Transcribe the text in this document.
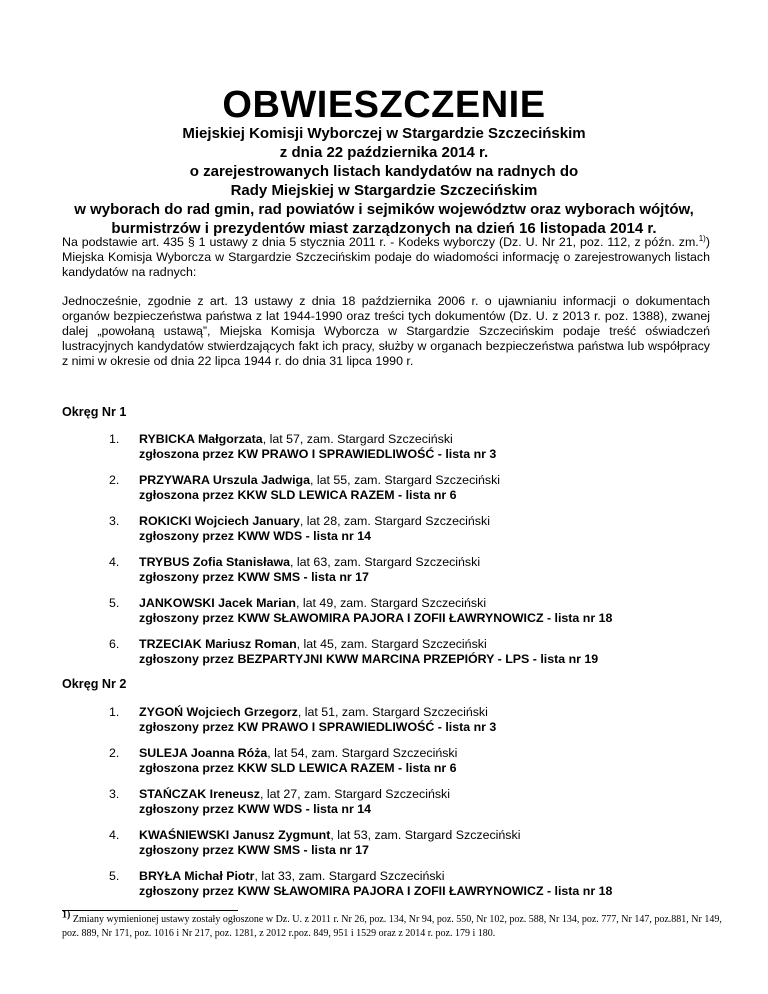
OBWIESZCZENIE
Miejskiej Komisji Wyborczej w Stargardzie Szczecińskim
z dnia 22 października 2014 r.
o zarejestrowanych listach kandydatów na radnych do
Rady Miejskiej w Stargardzie Szczecińskim
w wyborach do rad gmin, rad powiatów i sejmików województw oraz wyborach wójtów,
burmistrzów i prezydentów miast zarządzonych na dzień 16 listopada 2014 r.
Na podstawie art. 435 § 1 ustawy z dnia 5 stycznia 2011 r. - Kodeks wyborczy (Dz. U. Nr 21, poz. 112, z późn. zm.$^{1)}$) Miejska Komisja Wyborcza w Stargardzie Szczecińskim podaje do wiadomości informację o zarejestrowanych listach kandydatów na radnych:
Jednocześnie, zgodnie z art. 13 ustawy z dnia 18 października 2006 r. o ujawnianiu informacji o dokumentach organów bezpieczeństwa państwa z lat 1944-1990 oraz treści tych dokumentów (Dz. U. z 2013 r. poz. 1388), zwanej dalej „powołaną ustawą”, Miejska Komisja Wyborcza w Stargardzie Szczecińskim podaje treść oświadczeń lustracyjnych kandydatów stwierdzających fakt ich pracy, służby w organach bezpieczeństwa państwa lub współpracy z nimi w okresie od dnia 22 lipca 1944 r. do dnia 31 lipca 1990 r.
Okręg Nr 1
1.	RYBICKA Małgorzata, lat 57, zam. Stargard Szczeciński
zgłoszona przez KW PRAWO I SPRAWIEDLIWOŚĆ - lista nr 3
2.	PRZYWARA Urszula Jadwiga, lat 55, zam. Stargard Szczeciński
zgłoszona przez KKW SLD LEWICA RAZEM - lista nr 6
3.	ROKICKI Wojciech January, lat 28, zam. Stargard Szczeciński
zgłoszony przez KWW WDS - lista nr 14
4.	TRYBUS Zofia Stanisława, lat 63, zam. Stargard Szczeciński
zgłoszony przez KWW SMS - lista nr 17
5.	JANKOWSKI Jacek Marian, lat 49, zam. Stargard Szczeciński
zgłoszony przez KWW SŁAWOMIRA PAJORA I ZOFII ŁAWRYNOWICZ - lista nr 18
6.	TRZECIAK Mariusz Roman, lat 45, zam. Stargard Szczeciński
zgłoszony przez BEZPARTYJNI KWW MARCINA PRZEPIÓRY - LPS - lista nr 19
Okręg Nr 2
1.	ZYGOŃ Wojciech Grzegorz, lat 51, zam. Stargard Szczeciński
zgłoszony przez KW PRAWO I SPRAWIEDLIWOŚĆ - lista nr 3
2.	SULEJA Joanna Róża, lat 54, zam. Stargard Szczeciński
zgłoszona przez KKW SLD LEWICA RAZEM - lista nr 6
3.	STAŃCZAK Ireneusz, lat 27, zam. Stargard Szczeciński
zgłoszony przez KWW WDS - lista nr 14
4.	KWAŚNIEWSKI Janusz Zygmunt, lat 53, zam. Stargard Szczeciński
zgłoszony przez KWW SMS - lista nr 17
5.	BRYŁA Michał Piotr, lat 33, zam. Stargard Szczeciński
zgłoszony przez KWW SŁAWOMIRA PAJORA I ZOFII ŁAWRYNOWICZ - lista nr 18
1) Zmiany wymienionej ustawy zostały ogłoszone w Dz. U. z 2011 r. Nr 26, poz. 134, Nr 94, poz. 550, Nr 102, poz. 588, Nr 134, poz. 777, Nr 147, poz.881, Nr 149, poz. 889, Nr 171, poz. 1016 i Nr 217, poz. 1281, z 2012 r.poz. 849, 951 i 1529 oraz z 2014 r. poz. 179 i 180.
